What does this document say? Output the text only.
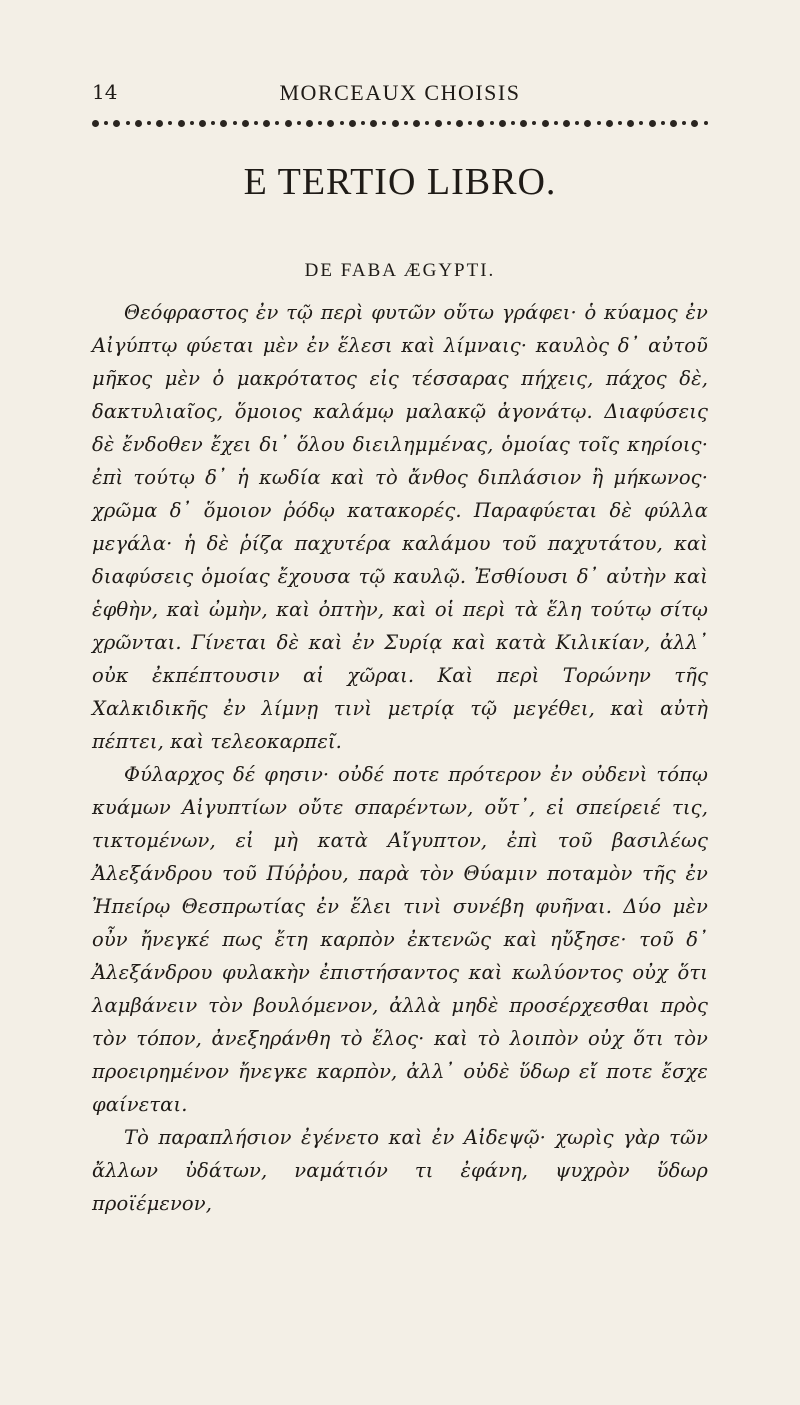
14	MORCEAUX CHOISIS
E TERTIO LIBRO.
DE FABA ÆGYPTI.

Θεόφραστος ἐν τῷ περὶ φυτῶν οὕτω γράφει· ὁ κύαμος ἐν Αἰγύπτῳ φύεται μὲν ἐν ἕλεσι καὶ λίμναις· καυλὸς δ᾽ αὐτοῦ μῆκος μὲν ὁ μακρότατος εἰς τέσσαρας πήχεις, πάχος δὲ, δακτυλιαῖος, ὅμοιος καλάμῳ μαλακῷ ἀγονάτῳ. Διαφύσεις δὲ ἔνδοθεν ἔχει δι᾽ ὅλου διειλημμένας, ὁμοίας τοῖς κηρίοις· ἐπὶ τούτῳ δ᾽ ἡ κωδία καὶ τὸ ἄνθος διπλάσιον ἢ μήκωνος· χρῶμα δ᾽ ὅμοιον ῥόδῳ κατακορές. Παραφύεται δὲ φύλλα μεγάλα· ἡ δὲ ῥίζα παχυτέρα καλάμου τοῦ παχυτάτου, καὶ διαφύσεις ὁμοίας ἔχουσα τῷ καυλῷ. Ἐσθίουσι δ᾽ αὐτὴν καὶ ἑφθὴν, καὶ ὠμὴν, καὶ ὀπτὴν, καὶ οἱ περὶ τὰ ἕλη τούτῳ σίτῳ χρῶνται. Γίνεται δὲ καὶ ἐν Συρίᾳ καὶ κατὰ Κιλικίαν, ἀλλ᾽ οὐκ ἐκπέπτουσιν αἱ χῶραι. Καὶ περὶ Τορώνην τῆς Χαλκιδικῆς ἐν λίμνῃ τινὶ μετρίᾳ τῷ μεγέθει, καὶ αὐτὴ πέπτει, καὶ τελεοκαρπεῖ.

Φύλαρχος δέ φησιν· οὐδέ ποτε πρότερον ἐν οὐδενὶ τόπῳ κυάμων Αἰγυπτίων οὔτε σπαρέντων, οὔτ᾽, εἰ σπείρειέ τις, τικτομένων, εἰ μὴ κατὰ Αἴγυπτον, ἐπὶ τοῦ βασιλέως Ἀλεξάνδρου τοῦ Πύῤῥου, παρὰ τὸν Θύαμιν ποταμὸν τῆς ἐν Ἠπείρῳ Θεσπρωτίας ἐν ἕλει τινὶ συνέβη φυῆναι. Δύο μὲν οὖν ἤνεγκέ πως ἔτη καρπὸν ἐκτενῶς καὶ ηὔξησε· τοῦ δ᾽ Ἀλεξάνδρου φυλακὴν ἐπιστήσαντος καὶ κωλύοντος οὐχ ὅτι λαμβάνειν τὸν βουλόμενον, ἀλλὰ μηδὲ προσέρχεσθαι πρὸς τὸν τόπον, ἀνεξηράνθη τὸ ἕλος· καὶ τὸ λοιπὸν οὐχ ὅτι τὸν προειρημένον ἤνεγκε καρπὸν, ἀλλ᾽ οὐδὲ ὕδωρ εἴ ποτε ἔσχε φαίνεται.

Τὸ παραπλήσιον ἐγένετο καὶ ἐν Αἰδεψῷ· χωρὶς γὰρ τῶν ἄλλων ὑδάτων, ναμάτιόν τι ἐφάνη, ψυχρὸν ὕδωρ προϊέμενον,
